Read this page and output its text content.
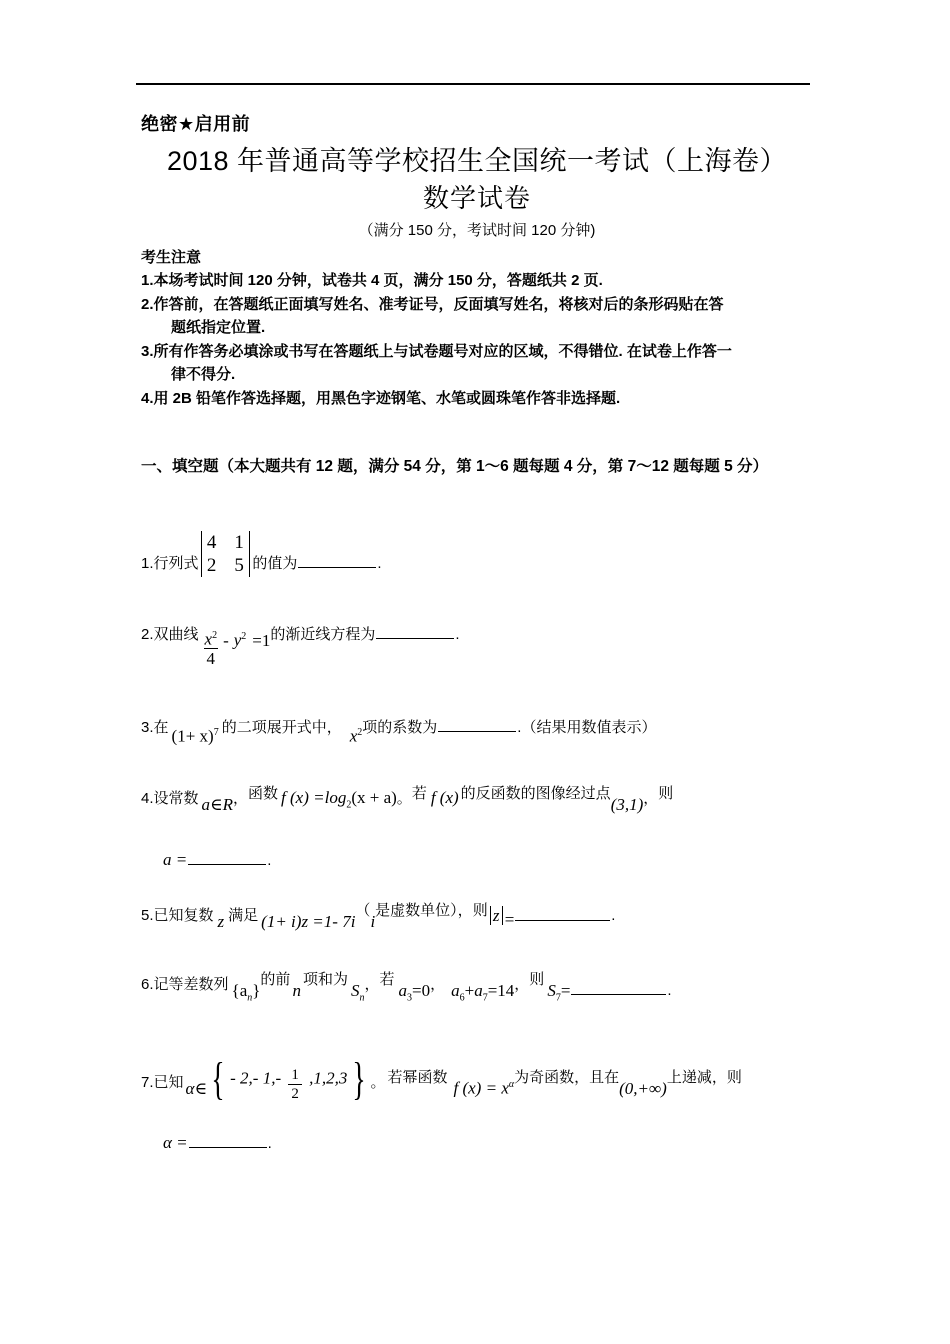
绝密★启用前
2018 年普通高等学校招生全国统一考试（上海卷）
数学试卷
（满分 150 分，考试时间 120 分钟)
考生注意
1.本场考试时间 120 分钟，试卷共 4 页，满分 150 分，答题纸共 2 页.
2.作答前，在答题纸正面填写姓名、准考证号，反面填写姓名，将核对后的条形码贴在答
题纸指定位置.
3.所有作答务必填涂或书写在答题纸上与试卷题号对应的区域，不得错位. 在试卷上作答一
律不得分.
4.用 2B 铅笔作答选择题，用黑色字迹钢笔、水笔或圆珠笔作答非选择题.
一、填空题（本大题共有 12 题，满分 54 分，第 1～6 题每题 4 分，第 7～12 题每题 5 分）
1. 行列式
4 1
2 5 的值为	.
2. 双曲线 $\frac{x^2}{4} - y^2 =1$ 的渐近线方程为	.
3. 在 $(1+ x)^7$ 的二项展开式中， $x^2$ 项的系数为	. （结果用数值表示）
4. 设常数 a∈R ， 函数 f $(x) =\log_2(x + a)$ 。 若 f (x) 的反函数的图像经过点
(3,1) ， 则
a =	.
5. 已知复数 z 满足 (1+ i)z =1- 7i
（
i
是虚数单位）， 则 z =	.
6. 记等差数列 $\{a_n\}$
的前
n
项和为
$S_n$
， 若
$a_3=0$ ， $a_6+a_7=14$ ， 则
$S_7=$	.
7. 已知 α∈ { - 2,- $1,- \frac{1}{2} ,1,2,3$ } 。 若幂函数
f $(x) = x^\alpha$ 为奇函数， 且在
(0,+∞)
上递减， 则
α =	.
